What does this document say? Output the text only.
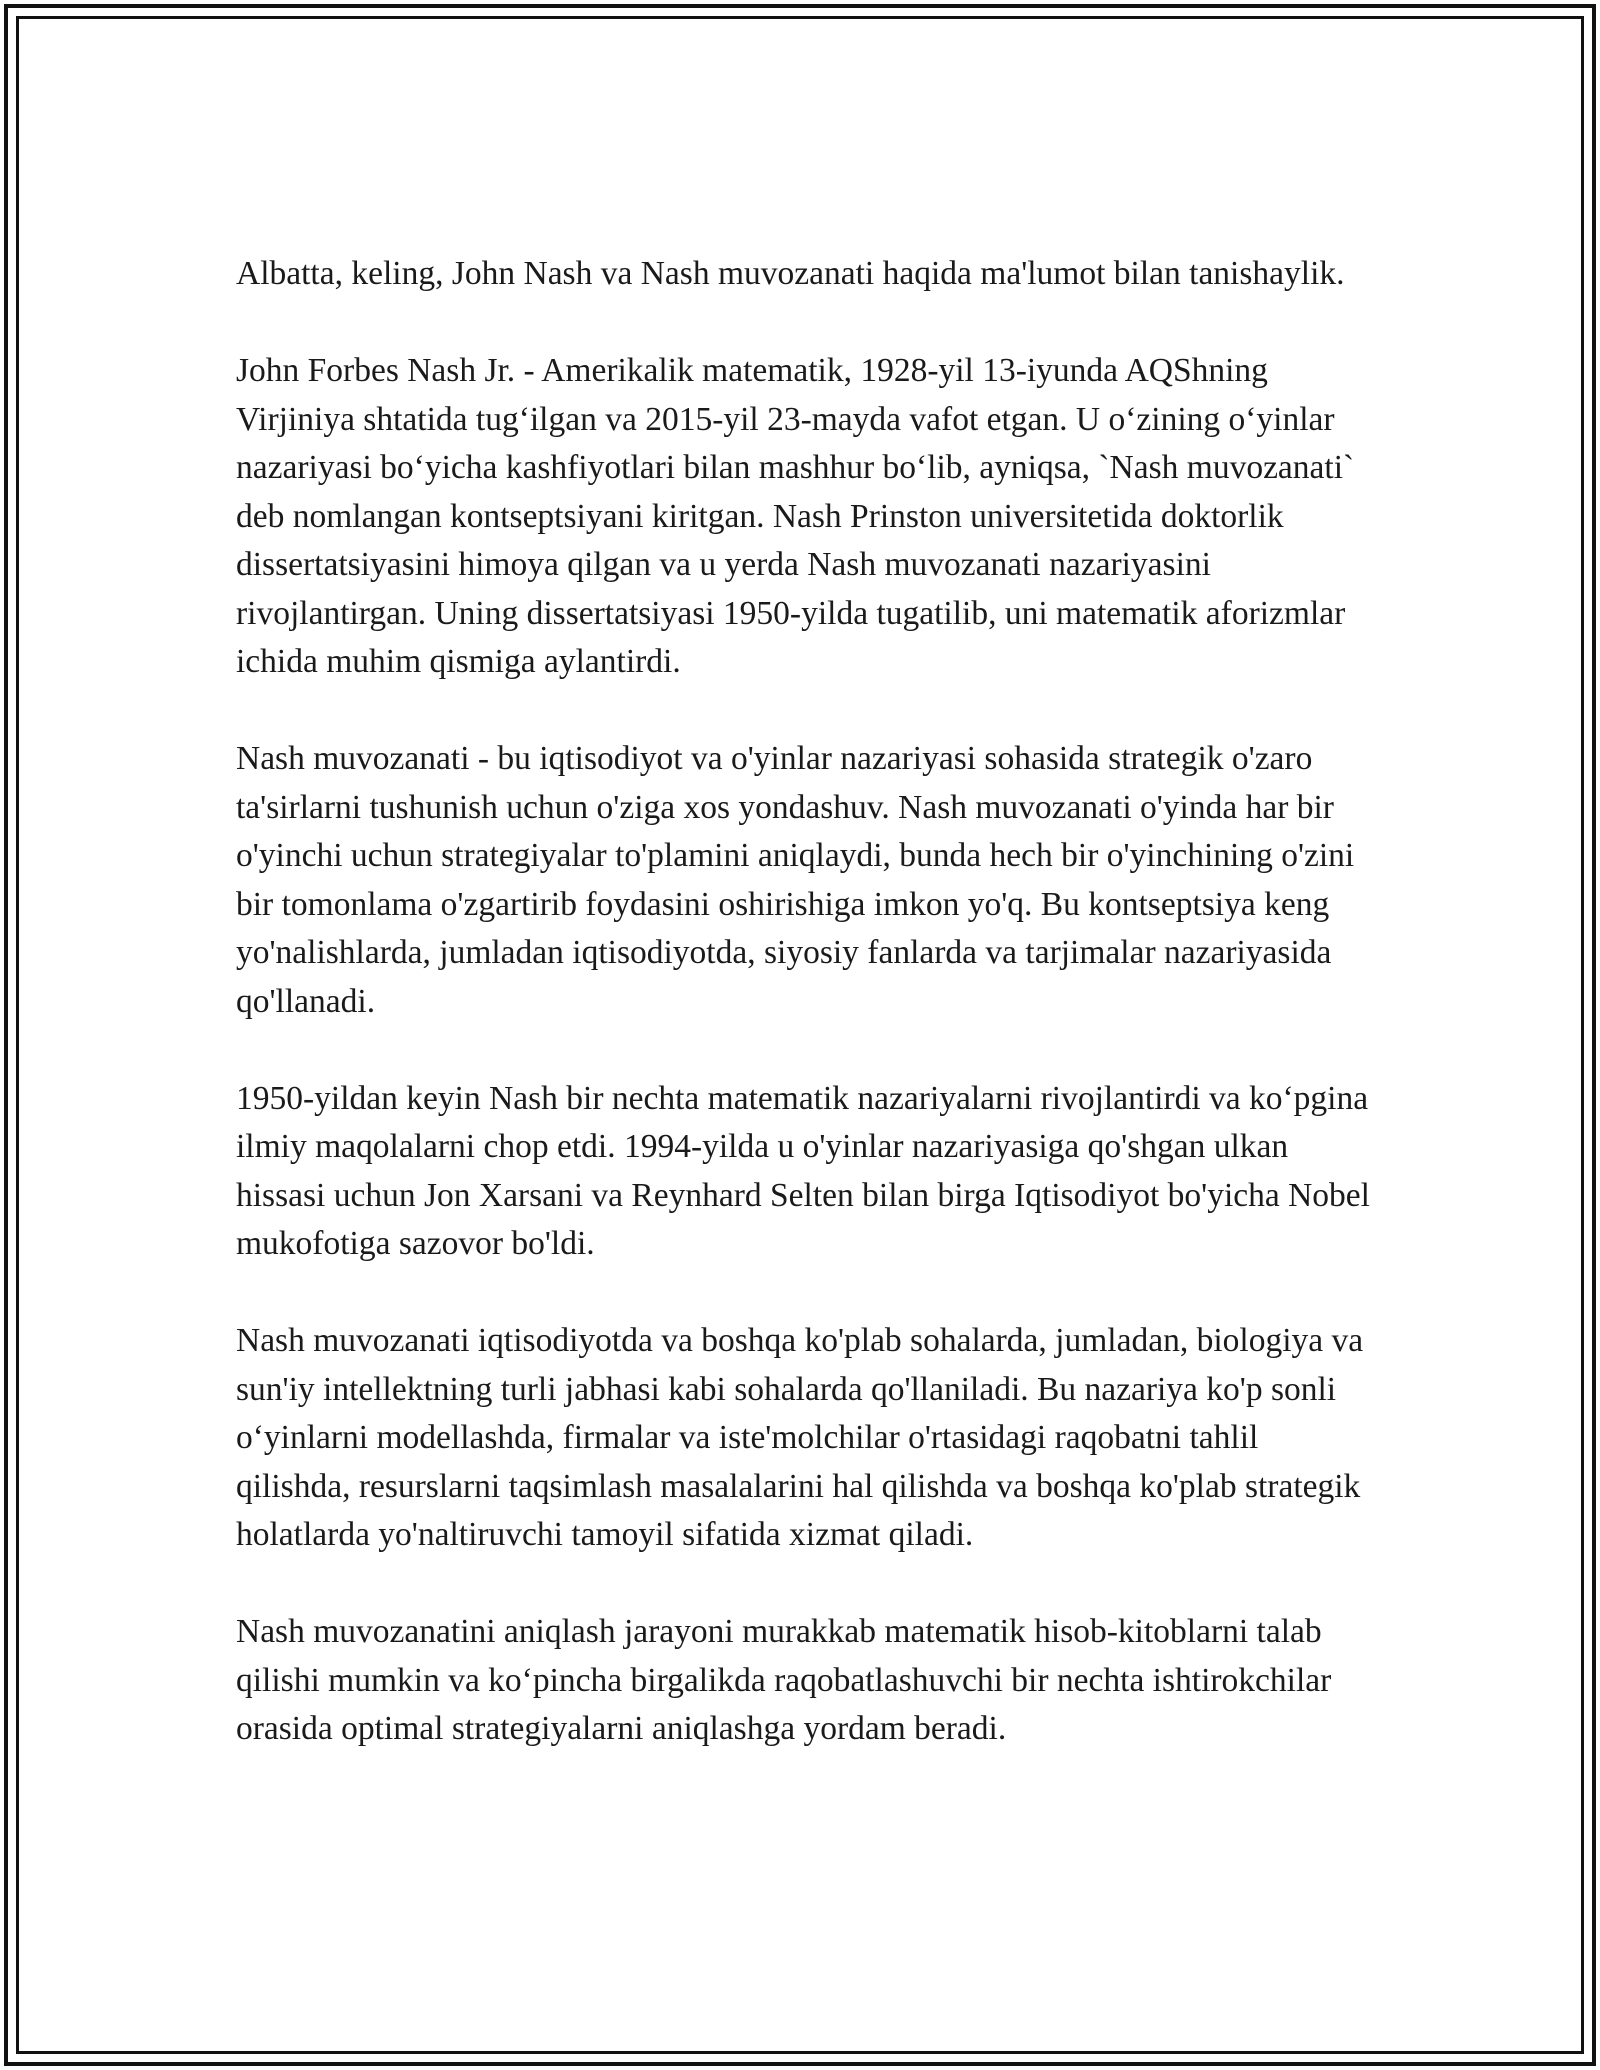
Albatta, keling, John Nash va Nash muvozanati haqida ma'lumot bilan tanishaylik.

John Forbes Nash Jr. - Amerikalik matematik, 1928-yil 13-iyunda AQShning Virjiniya shtatida tug‘ilgan va 2015-yil 23-mayda vafot etgan. U o‘zining o‘yinlar nazariyasi bo‘yicha kashfiyotlari bilan mashhur bo‘lib, ayniqsa, `Nash muvozanati` deb nomlangan kontseptsiyani kiritgan. Nash Prinston universitetida doktorlik dissertatsiyasini himoya qilgan va u yerda Nash muvozanati nazariyasini rivojlantirgan. Uning dissertatsiyasi 1950-yilda tugatilib, uni matematik aforizmlar ichida muhim qismiga aylantirdi.

Nash muvozanati - bu iqtisodiyot va o'yinlar nazariyasi sohasida strategik o'zaro ta'sirlarni tushunish uchun o'ziga xos yondashuv. Nash muvozanati o'yinda har bir o'yinchi uchun strategiyalar to'plamini aniqlaydi, bunda hech bir o'yinchining o'zini bir tomonlama o'zgartirib foydasini oshirishiga imkon yo'q. Bu kontseptsiya keng yo'nalishlarda, jumladan iqtisodiyotda, siyosiy fanlarda va tarjimalar nazariyasida qo'llanadi.

1950-yildan keyin Nash bir nechta matematik nazariyalarni rivojlantirdi va ko‘pgina ilmiy maqolalarni chop etdi. 1994-yilda u o'yinlar nazariyasiga qo'shgan ulkan hissasi uchun Jon Xarsani va Reynhard Selten bilan birga Iqtisodiyot bo'yicha Nobel mukofotiga sazovor bo'ldi.

Nash muvozanati iqtisodiyotda va boshqa ko'plab sohalarda, jumladan, biologiya va sun'iy intellektning turli jabhasi kabi sohalarda qo'llaniladi. Bu nazariya ko'p sonli o‘yinlarni modellashda, firmalar va iste'molchilar o'rtasidagi raqobatni tahlil qilishda, resurslarni taqsimlash masalalarini hal qilishda va boshqa ko'plab strategik holatlarda yo'naltiruvchi tamoyil sifatida xizmat qiladi.

Nash muvozanatini aniqlash jarayoni murakkab matematik hisob-kitoblarni talab qilishi mumkin va ko‘pincha birgalikda raqobatlashuvchi bir nechta ishtirokchilar orasida optimal strategiyalarni aniqlashga yordam beradi.
